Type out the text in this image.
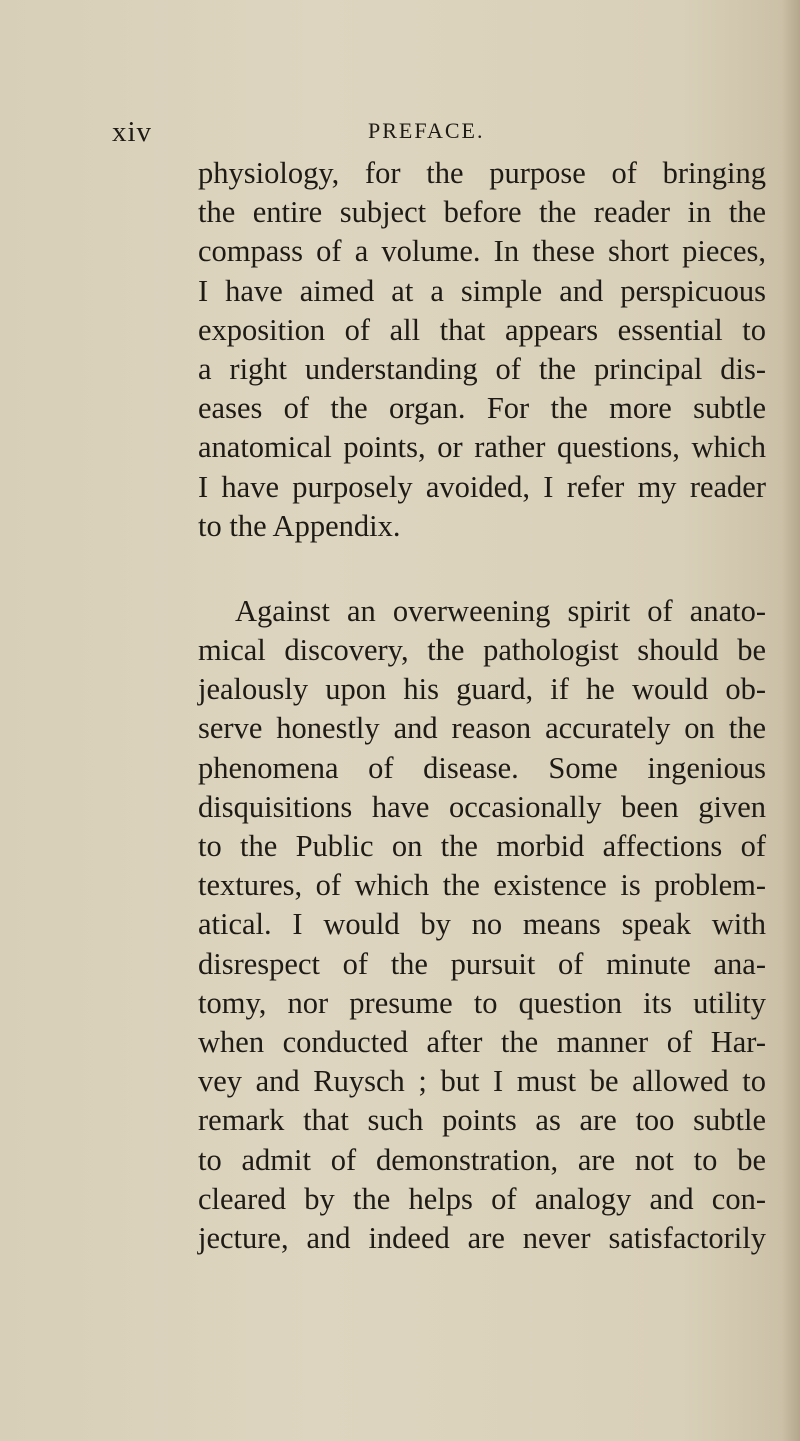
xiv	PREFACE.
physiology, for the purpose of bringing
the entire subject before the reader in the
compass of a volume. In these short pieces,
I have aimed at a simple and perspicuous
exposition of all that appears essential to
a right understanding of the principal dis-
eases of the organ. For the more subtle
anatomical points, or rather questions, which
I have purposely avoided, I refer my reader
to the Appendix.
Against an overweening spirit of anato-
mical discovery, the pathologist should be
jealously upon his guard, if he would ob-
serve honestly and reason accurately on the
phenomena of disease. Some ingenious
disquisitions have occasionally been given
to the Public on the morbid affections of
textures, of which the existence is problem-
atical. I would by no means speak with
disrespect of the pursuit of minute ana-
tomy, nor presume to question its utility
when conducted after the manner of Har-
vey and Ruysch ; but I must be allowed to
remark that such points as are too subtle
to admit of demonstration, are not to be
cleared by the helps of analogy and con-
jecture, and indeed are never satisfactorily
